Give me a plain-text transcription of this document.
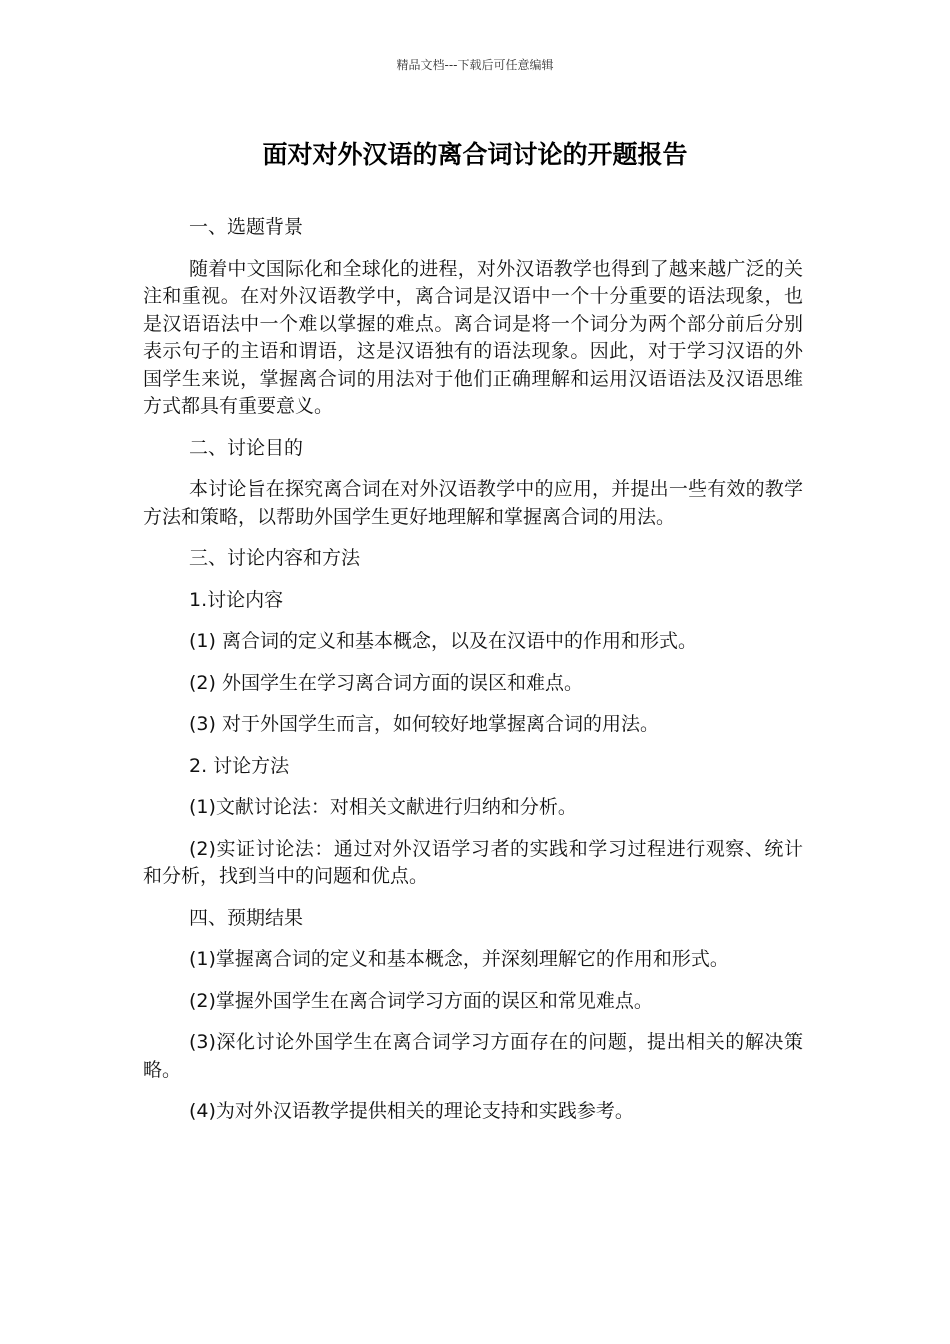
精品文档---下载后可任意编辑
面对对外汉语的离合词讨论的开题报告

一、选题背景

随着中文国际化和全球化的进程，对外汉语教学也得到了越来越广泛的关注和重视。在对外汉语教学中，离合词是汉语中一个十分重要的语法现象，也是汉语语法中一个难以掌握的难点。离合词是将一个词分为两个部分前后分别表示句子的主语和谓语，这是汉语独有的语法现象。因此，对于学习汉语的外国学生来说，掌握离合词的用法对于他们正确理解和运用汉语语法及汉语思维方式都具有重要意义。

二、讨论目的

本讨论旨在探究离合词在对外汉语教学中的应用，并提出一些有效的教学方法和策略，以帮助外国学生更好地理解和掌握离合词的用法。

三、讨论内容和方法

1.讨论内容

(1) 离合词的定义和基本概念，以及在汉语中的作用和形式。

(2) 外国学生在学习离合词方面的误区和难点。

(3) 对于外国学生而言，如何较好地掌握离合词的用法。

2. 讨论方法

(1)文献讨论法：对相关文献进行归纳和分析。

(2)实证讨论法：通过对外汉语学习者的实践和学习过程进行观察、统计和分析，找到当中的问题和优点。

四、预期结果

(1)掌握离合词的定义和基本概念，并深刻理解它的作用和形式。

(2)掌握外国学生在离合词学习方面的误区和常见难点。

(3)深化讨论外国学生在离合词学习方面存在的问题，提出相关的解决策略。

(4)为对外汉语教学提供相关的理论支持和实践参考。
